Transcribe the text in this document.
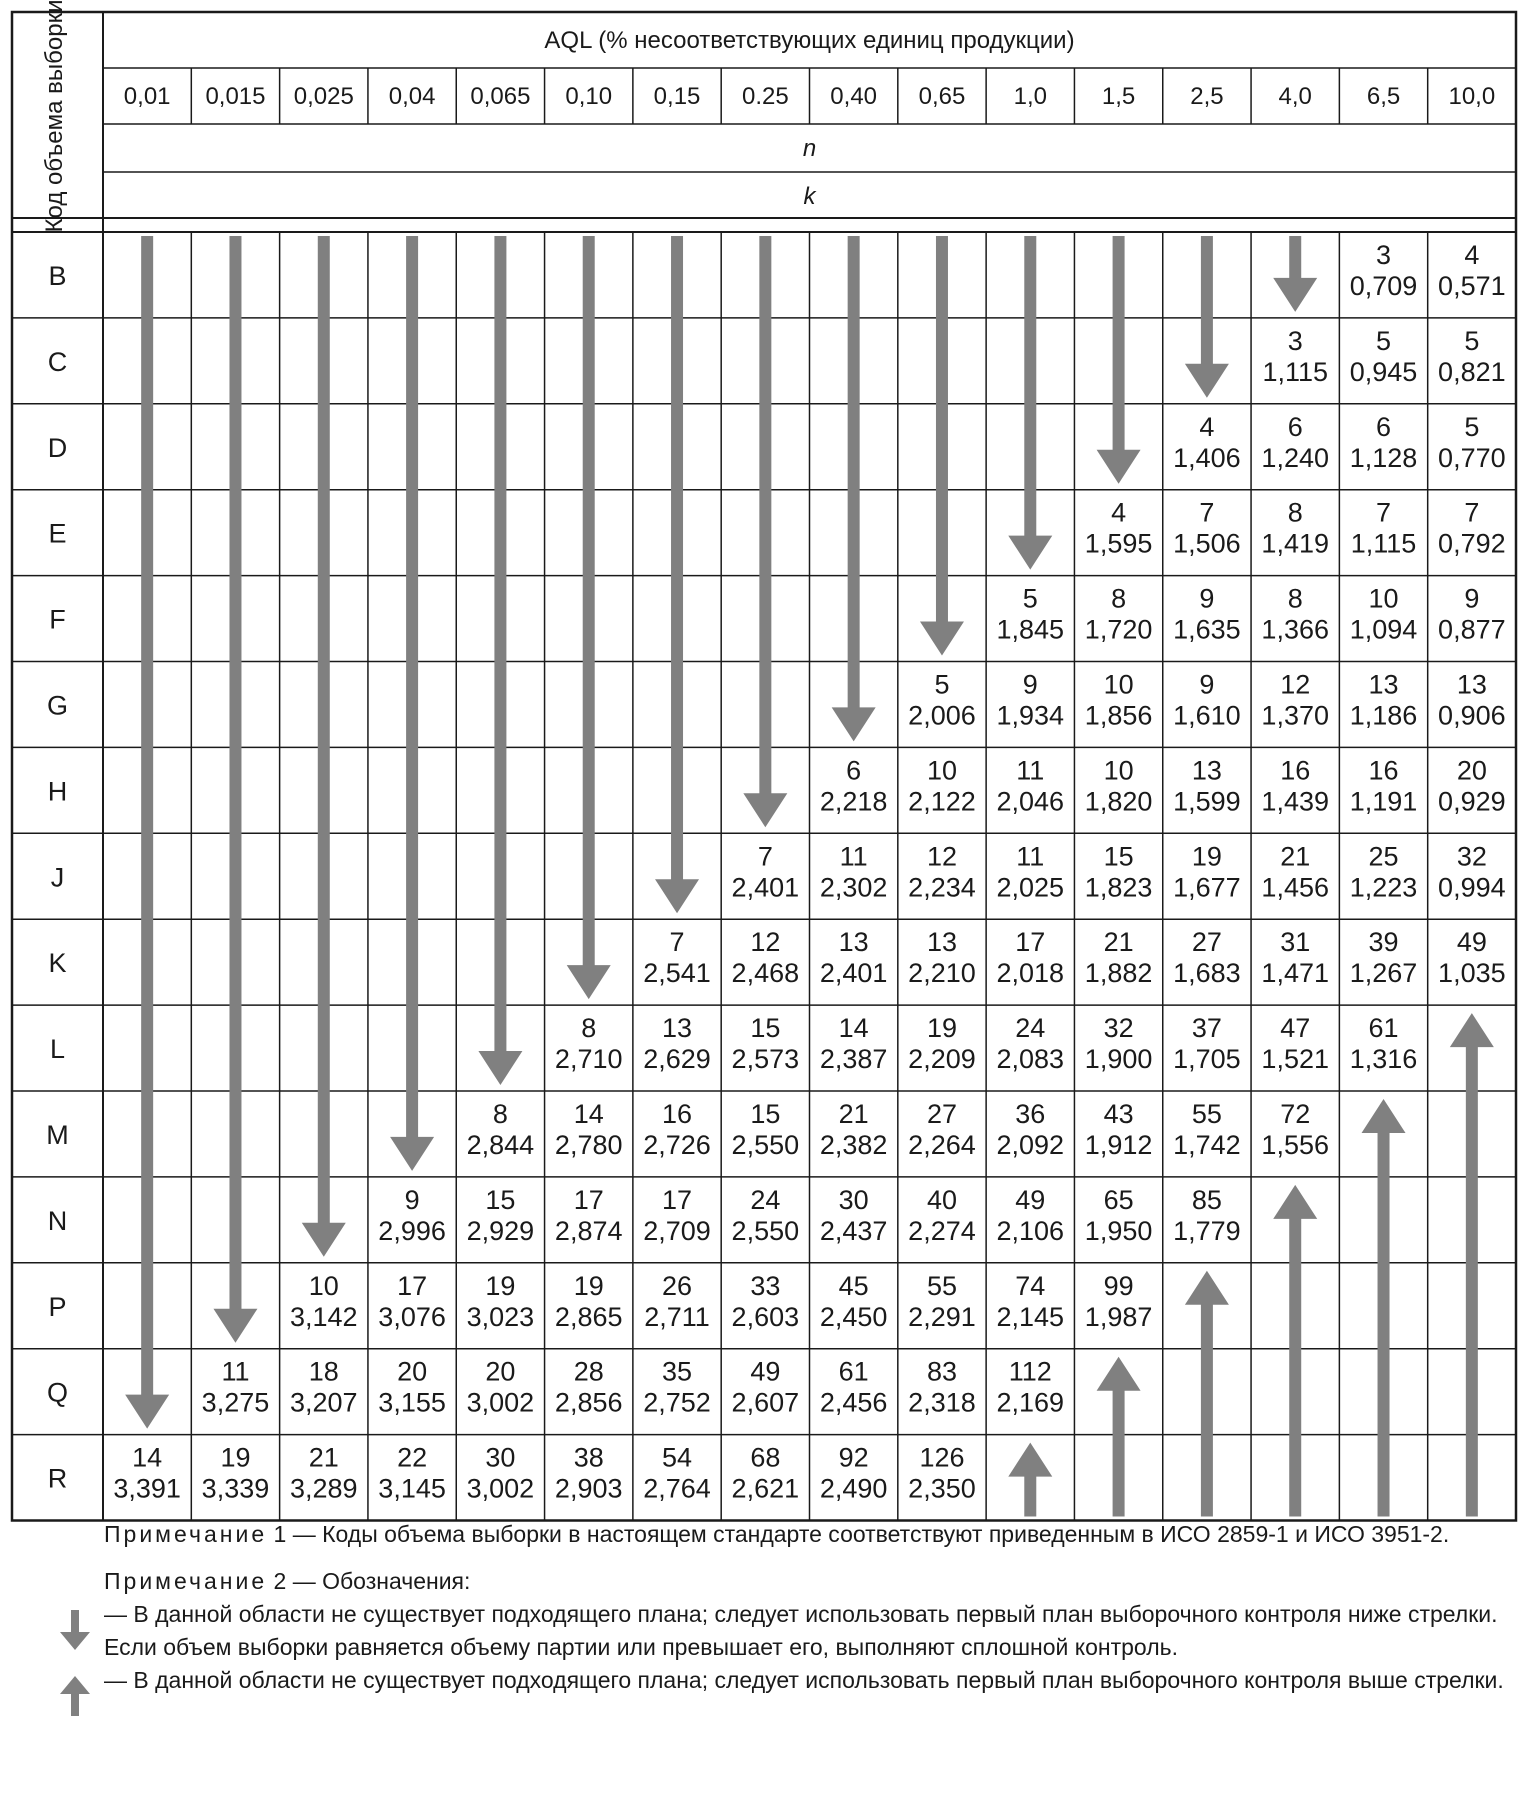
AQL (% несоответствующих единиц продукции)
0,01 0,015 0,025 0,04 0,065 0,10 0,15 0.25 0,40 0,65 1,0 1,5 2,5 4,0 6,5 10,0
n
k
Код объема выборки
B
3
0,709
4
0,571
C
3
1,115
5
0,945
5
0,821
D
4
1,406
6
1,240
6
1,128
5
0,770
E
4
1,595
7
1,506
8
1,419
7
1,115
7
0,792
F
5
1,845
8
1,720
9
1,635
8
1,366
10
1,094
9
0,877
G
5
2,006
9
1,934
10
1,856
9
1,610
12
1,370
13
1,186
13
0,906
H
6
2,218
10
2,122
11
2,046
10
1,820
13
1,599
16
1,439
16
1,191
20
0,929
J
7
2,401
11
2,302
12
2,234
11
2,025
15
1,823
19
1,677
21
1,456
25
1,223
32
0,994
K
7
2,541
12
2,468
13
2,401
13
2,210
17
2,018
21
1,882
27
1,683
31
1,471
39
1,267
49
1,035
L
8
2,710
13
2,629
15
2,573
14
2,387
19
2,209
24
2,083
32
1,900
37
1,705
47
1,521
61
1,316
M
8
2,844
14
2,780
16
2,726
15
2,550
21
2,382
27
2,264
36
2,092
43
1,912
55
1,742
72
1,556
N
9
2,996
15
2,929
17
2,874
17
2,709
24
2,550
30
2,437
40
2,274
49
2,106
65
1,950
85
1,779
P
10
3,142
17
3,076
19
3,023
19
2,865
26
2,711
33
2,603
45
2,450
55
2,291
74
2,145
99
1,987
Q
11
3,275
18
3,207
20
3,155
20
3,002
28
2,856
35
2,752
49
2,607
61
2,456
83
2,318
112
2,169
R
14
3,391
19
3,339
21
3,289
22
3,145
30
3,002
38
2,903
54
2,764
68
2,621
92
2,490
126
2,350

Примечание 1 — Коды объема выборки в настоящем стандарте соответствуют приведенным в ИСО 2859-1 и ИСО 3951-2.

Примечание 2 — Обозначения:

— В данной области не существует подходящего плана; следует использовать первый план выборочного контроля ниже стрелки. Если объем выборки равняется объему партии или превышает его, выполняют сплошной контроль.
— В данной области не существует подходящего плана; следует использовать первый план выборочного контроля выше стрелки.
